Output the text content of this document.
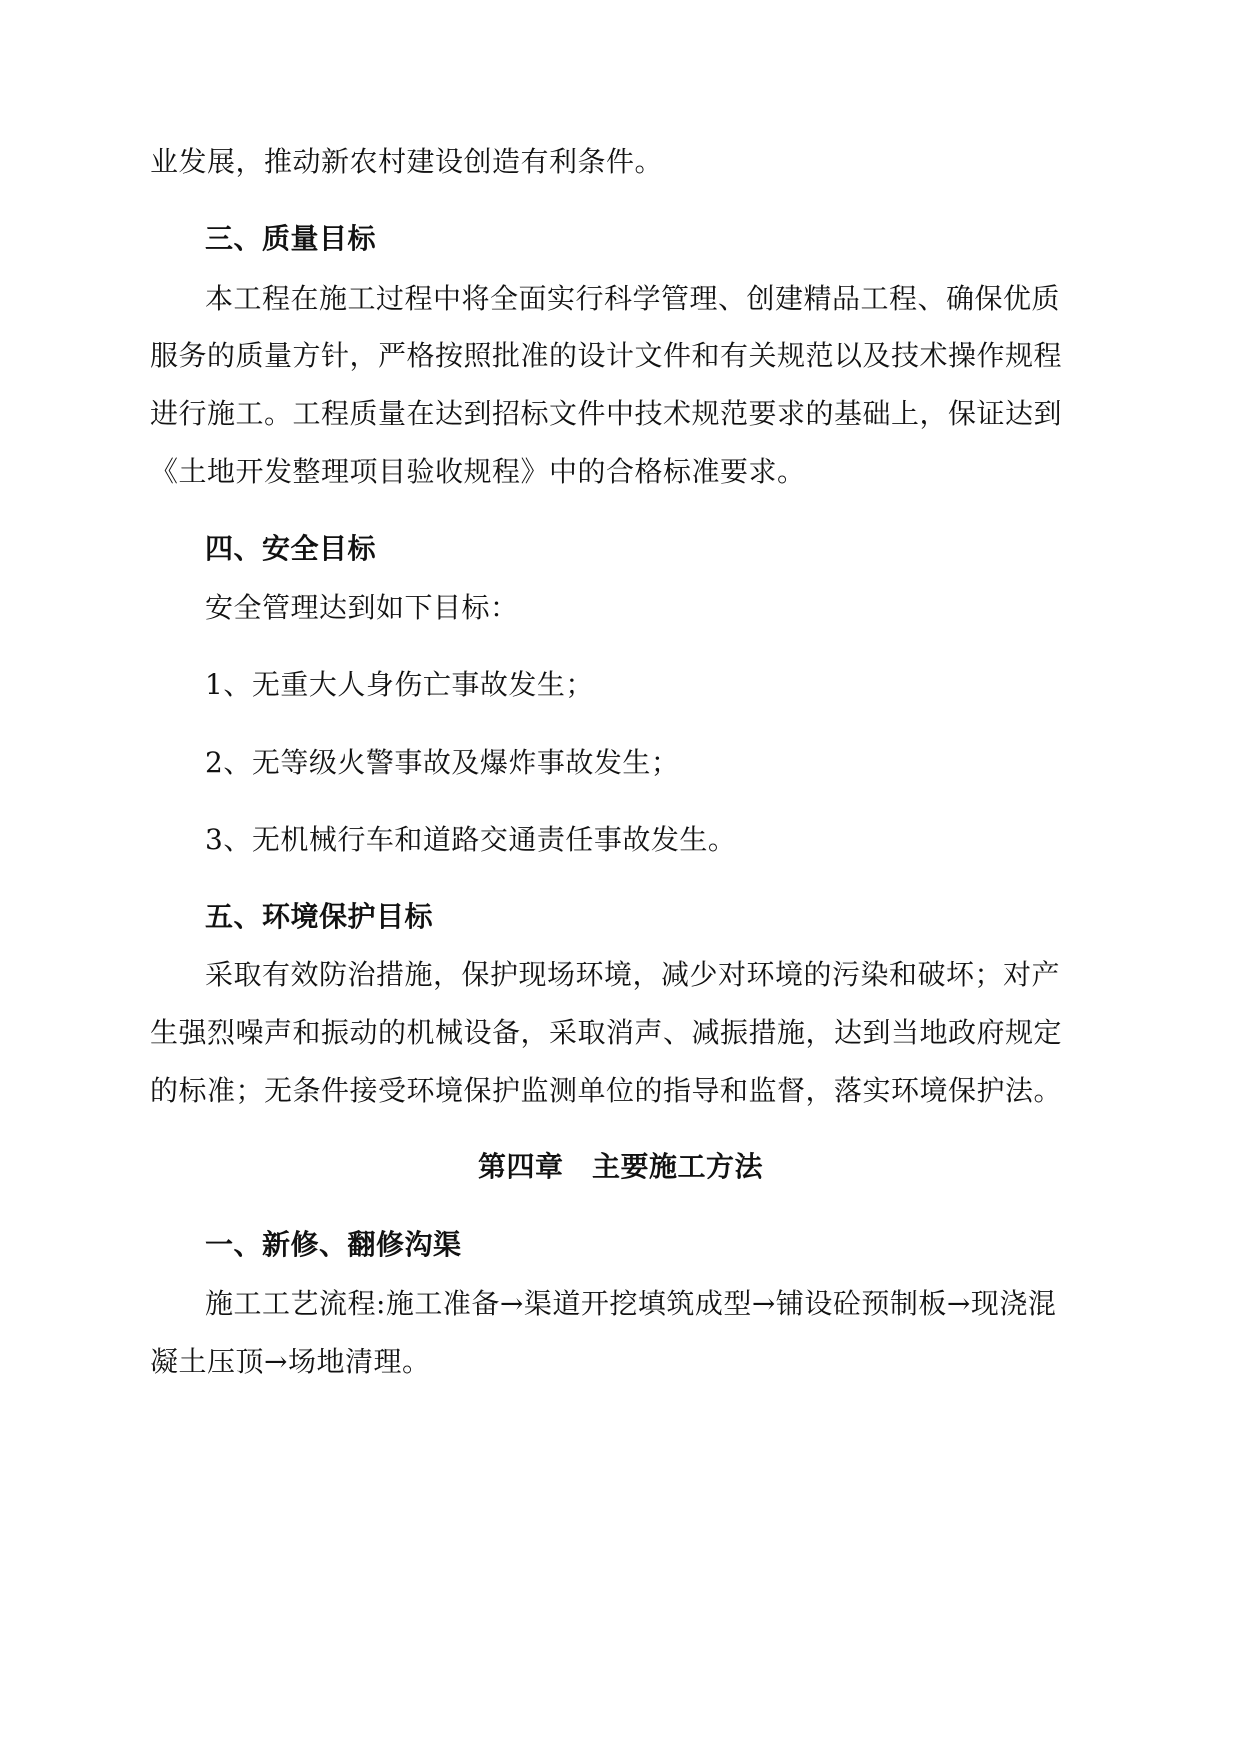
业发展，推动新农村建设创造有利条件。
三、质量目标
本工程在施工过程中将全面实行科学管理、创建精品工程、确保优质
服务的质量方针，严格按照批准的设计文件和有关规范以及技术操作规程
进行施工。工程质量在达到招标文件中技术规范要求的基础上，保证达到
《土地开发整理项目验收规程》中的合格标准要求。
四、安全目标
安全管理达到如下目标：
1、无重大人身伤亡事故发生；
2、无等级火警事故及爆炸事故发生；
3、无机械行车和道路交通责任事故发生。
五、环境保护目标
采取有效防治措施，保护现场环境，减少对环境的污染和破坏；对产
生强烈噪声和振动的机械设备，采取消声、减振措施，达到当地政府规定
的标准；无条件接受环境保护监测单位的指导和监督，落实环境保护法。
第四章　主要施工方法
一、新修、翻修沟渠
施工工艺流程:施工准备→渠道开挖填筑成型→铺设砼预制板→现浇混
凝土压顶→场地清理。
